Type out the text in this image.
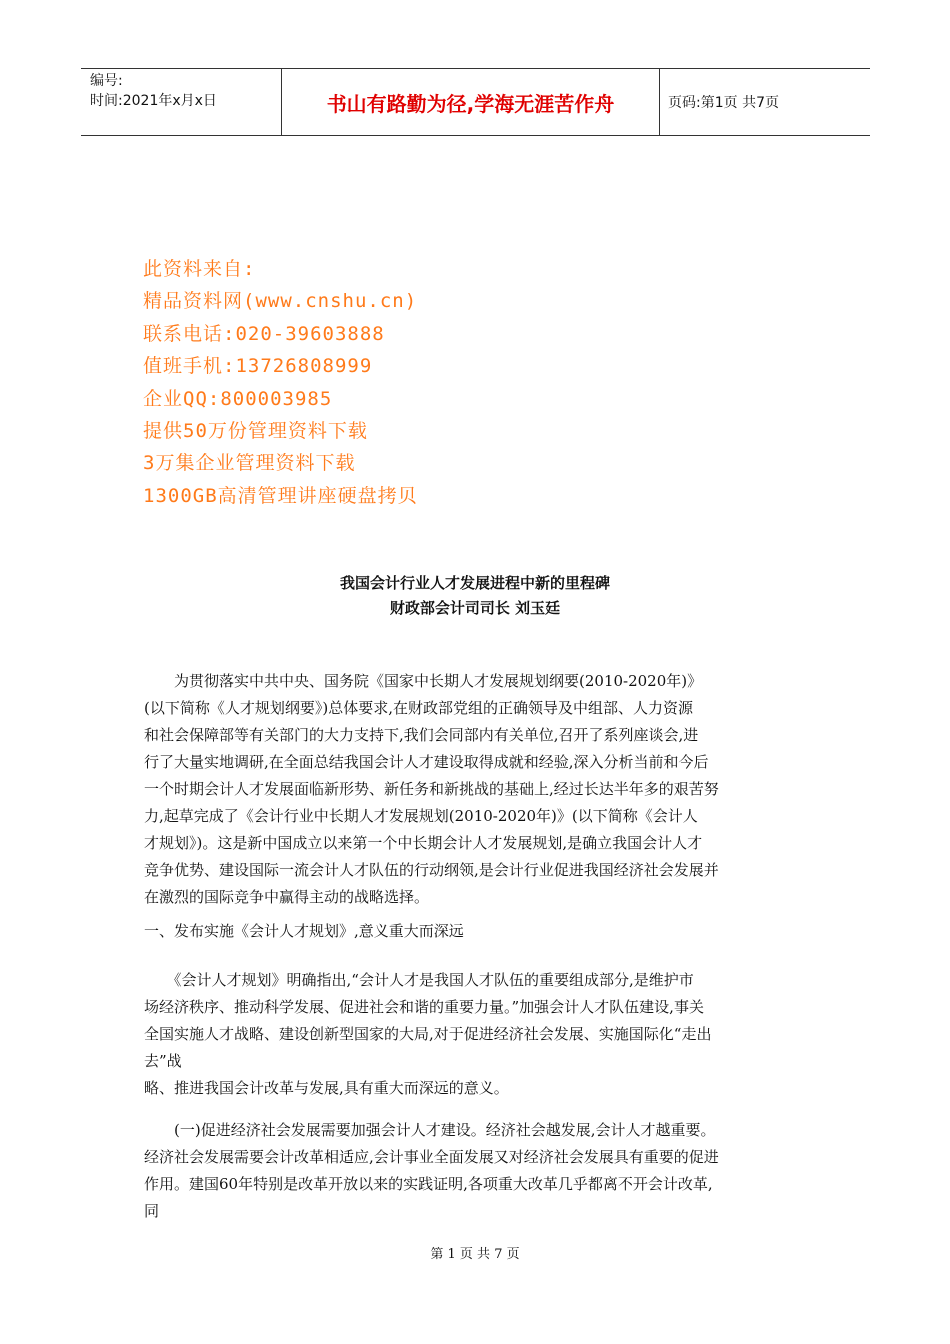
编号:
时间:2021年x月x日	书山有路勤为径,学海无涯苦作舟	页码:第1页 共7页
此资料来自:
精品资料网(www.cnshu.cn)
联系电话:020-39603888
值班手机:13726808999
企业QQ:800003985
提供50万份管理资料下载
3万集企业管理资料下载
1300GB高清管理讲座硬盘拷贝
我国会计行业人才发展进程中新的里程碑
财政部会计司司长 刘玉廷
　　为贯彻落实中共中央、国务院《国家中长期人才发展规划纲要(2010-2020年)》
(以下简称《人才规划纲要》)总体要求,在财政部党组的正确领导及中组部、人力资源
和社会保障部等有关部门的大力支持下,我们会同部内有关单位,召开了系列座谈会,进
行了大量实地调研,在全面总结我国会计人才建设取得成就和经验,深入分析当前和今后
一个时期会计人才发展面临新形势、新任务和新挑战的基础上,经过长达半年多的艰苦努
力,起草完成了《会计行业中长期人才发展规划(2010-2020年)》(以下简称《会计人
才规划》)。这是新中国成立以来第一个中长期会计人才发展规划,是确立我国会计人才
竞争优势、建设国际一流会计人才队伍的行动纲领,是会计行业促进我国经济社会发展并
在激烈的国际竞争中赢得主动的战略选择。
一、发布实施《会计人才规划》,意义重大而深远
　　《会计人才规划》明确指出,“会计人才是我国人才队伍的重要组成部分,是维护市
场经济秩序、推动科学发展、促进社会和谐的重要力量。”加强会计人才队伍建设,事关
全国实施人才战略、建设创新型国家的大局,对于促进经济社会发展、实施国际化“走出
去”战
略、推进我国会计改革与发展,具有重大而深远的意义。
　　(一)促进经济社会发展需要加强会计人才建设。经济社会越发展,会计人才越重要。
经济社会发展需要会计改革相适应,会计事业全面发展又对经济社会发展具有重要的促进
作用。建国60年特别是改革开放以来的实践证明,各项重大改革几乎都离不开会计改革,
同
第 1 页 共 7 页
